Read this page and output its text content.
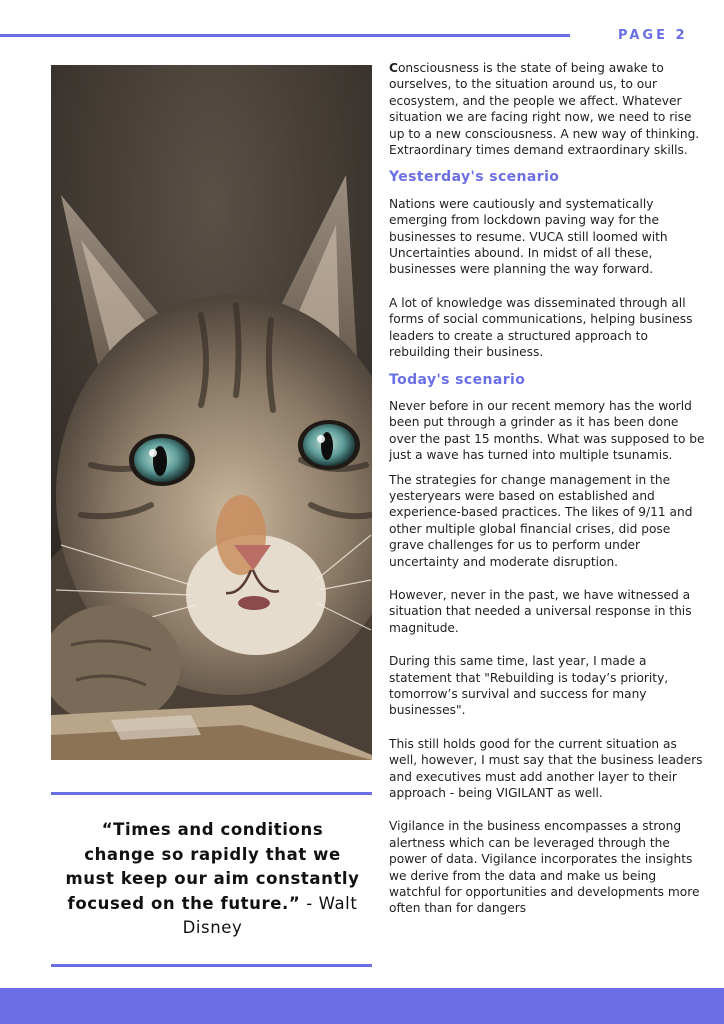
PAGE 2
“Times and conditions change so rapidly that we must keep our aim constantly focused on the future.” - Walt Disney

Consciousness is the state of being awake to ourselves, to the situation around us, to our ecosystem, and the people we affect. Whatever situation we are facing right now, we need to rise up to a new consciousness. A new way of thinking. Extraordinary times demand extraordinary skills.

Yesterday's scenario

Nations were cautiously and systematically emerging from lockdown paving way for the businesses to resume. VUCA still loomed with Uncertainties abound. In midst of all these, businesses were planning the way forward.

A lot of knowledge was disseminated through all forms of social communications, helping business leaders to create a structured approach to rebuilding their business.

Today's scenario

Never before in our recent memory has the world been put through a grinder as it has been done over the past 15 months. What was supposed to be just a wave has turned into multiple tsunamis.

The strategies for change management in the yesteryears were based on established and experience-based practices. The likes of 9/11 and other multiple global financial crises, did pose grave challenges for us to perform under uncertainty and moderate disruption.

However, never in the past, we have witnessed a situation that needed a universal response in this magnitude.

During this same time, last year, I made a statement that "Rebuilding is today’s priority, tomorrow’s survival and success for many businesses".

This still holds good for the current situation as well, however, I must say that the business leaders and executives must add another layer to their approach - being VIGILANT as well.

Vigilance in the business encompasses a strong alertness which can be leveraged through the power of data. Vigilance incorporates the insights we derive from the data and make us being watchful for opportunities and developments more often than for dangers
